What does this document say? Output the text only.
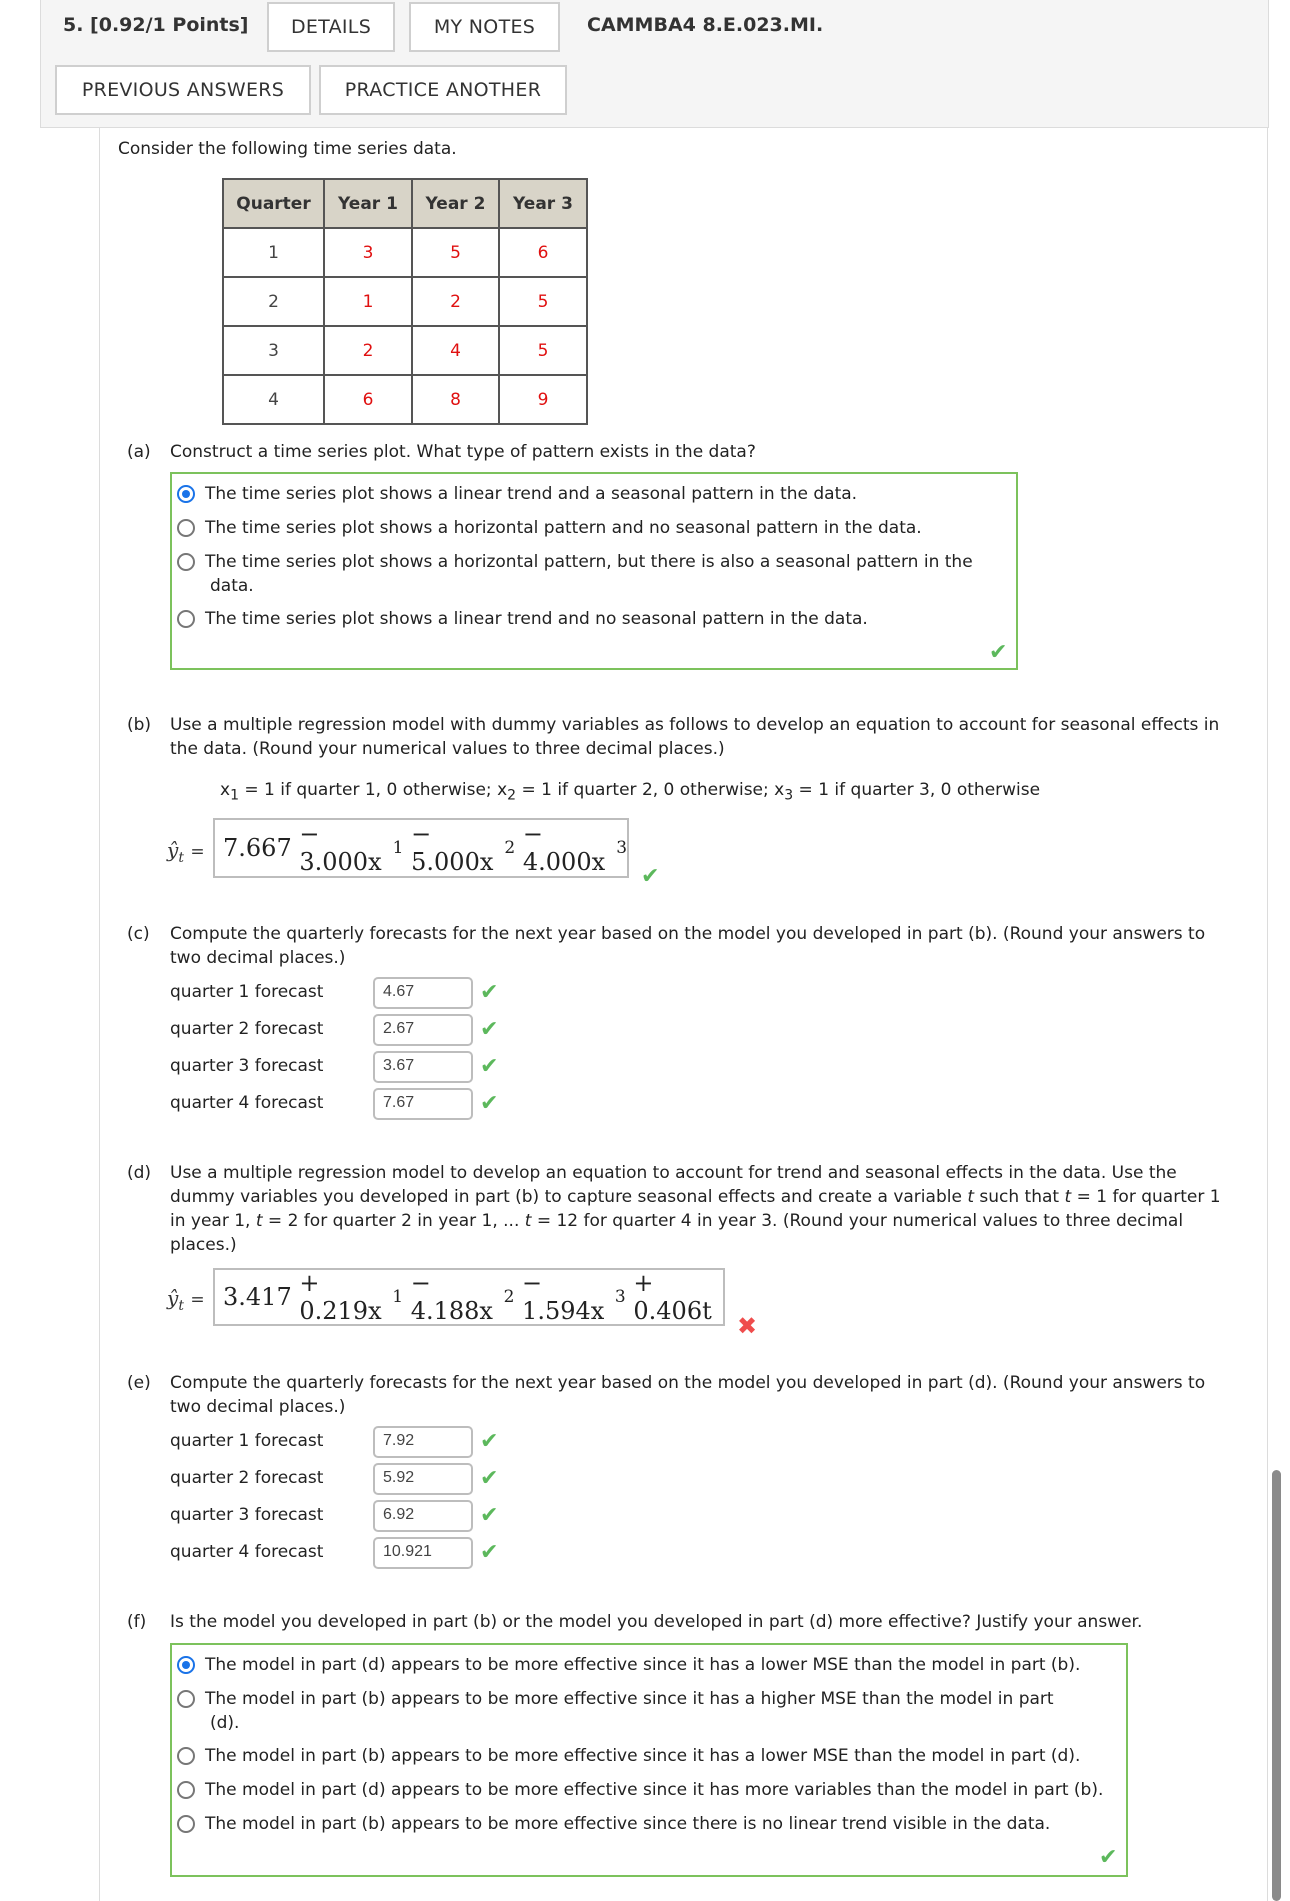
5. [0.92/1 Points]	DETAILS	MY NOTES	CAMMBA4 8.E.023.MI.
PREVIOUS ANSWERS	PRACTICE ANOTHER
Consider the following time series data.
Quarter	Year 1	Year 2	Year 3
1	3	5	6
2	1	2	5
3	2	4	5
4	6	8	9
(a) Construct a time series plot. What type of pattern exists in the data?
The time series plot shows a linear trend and a seasonal pattern in the data.
The time series plot shows a horizontal pattern and no seasonal pattern in the data.
The time series plot shows a horizontal pattern, but there is also a seasonal pattern in the
data.
The time series plot shows a linear trend and no seasonal pattern in the data.
✔
(b) Use a multiple regression model with dummy variables as follows to develop an equation to account for seasonal effects in
the data. (Round your numerical values to three decimal places.)
$x_1 = 1$ if quarter 1, 0 otherwise; $x_2 = 1$ if quarter 2, 0 otherwise; $x_3 = 1$ if quarter 3, 0 otherwise
$ŷ_t = 7.667$
− 3.000x 1
− 5.000x 2
− 4.000x 3
✔
(c) Compute the quarterly forecasts for the next year based on the model you developed in part (b). (Round your answers to
two decimal places.)
quarter 1 forecast	4.67	✔
quarter 2 forecast	2.67	✔
quarter 3 forecast	3.67	✔
quarter 4 forecast	7.67	✔
(d) Use a multiple regression model to develop an equation to account for trend and seasonal effects in the data. Use the
dummy variables you developed in part (b) to capture seasonal effects and create a variable t such that t = 1 for quarter 1
in year 1, t = 2 for quarter 2 in year 1, ... t = 12 for quarter 4 in year 3. (Round your numerical values to three decimal
places.)
$ŷ_t = 3.417$
+ 0.219x 1
− 4.188x 2
− 1.594x 3
+ 0.406t
✖
(e) Compute the quarterly forecasts for the next year based on the model you developed in part (d). (Round your answers to
two decimal places.)
quarter 1 forecast	7.92	✔
quarter 2 forecast	5.92	✔
quarter 3 forecast	6.92	✔
quarter 4 forecast	10.921	✔
(f) Is the model you developed in part (b) or the model you developed in part (d) more effective? Justify your answer.
The model in part (d) appears to be more effective since it has a lower MSE than the model in part (b).
The model in part (b) appears to be more effective since it has a higher MSE than the model in part
(d).
The model in part (b) appears to be more effective since it has a lower MSE than the model in part (d).
The model in part (d) appears to be more effective since it has more variables than the model in part (b).
The model in part (b) appears to be more effective since there is no linear trend visible in the data.
✔
